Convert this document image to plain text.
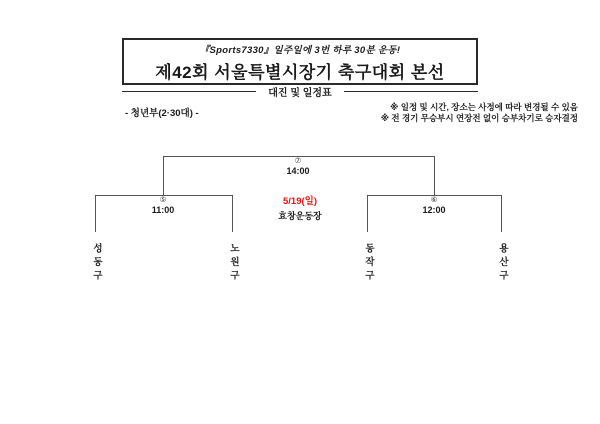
『Sports7330』일주일에 3번 하루 30분 운동!
제42회 서울특별시장기 축구대회 본선
대진 및 일정표
- 청년부(2·30대) -
※ 일정 및 시간, 장소는 사정에 따라 변경될 수 있음
※ 전 경기 무승부시 연장전 없이 승부차기로 승자결정
⑦
14:00
⑤
11:00
⑥
12:00
5/19(일)
효창운동장
성동구	노원구	동작구	용산구
